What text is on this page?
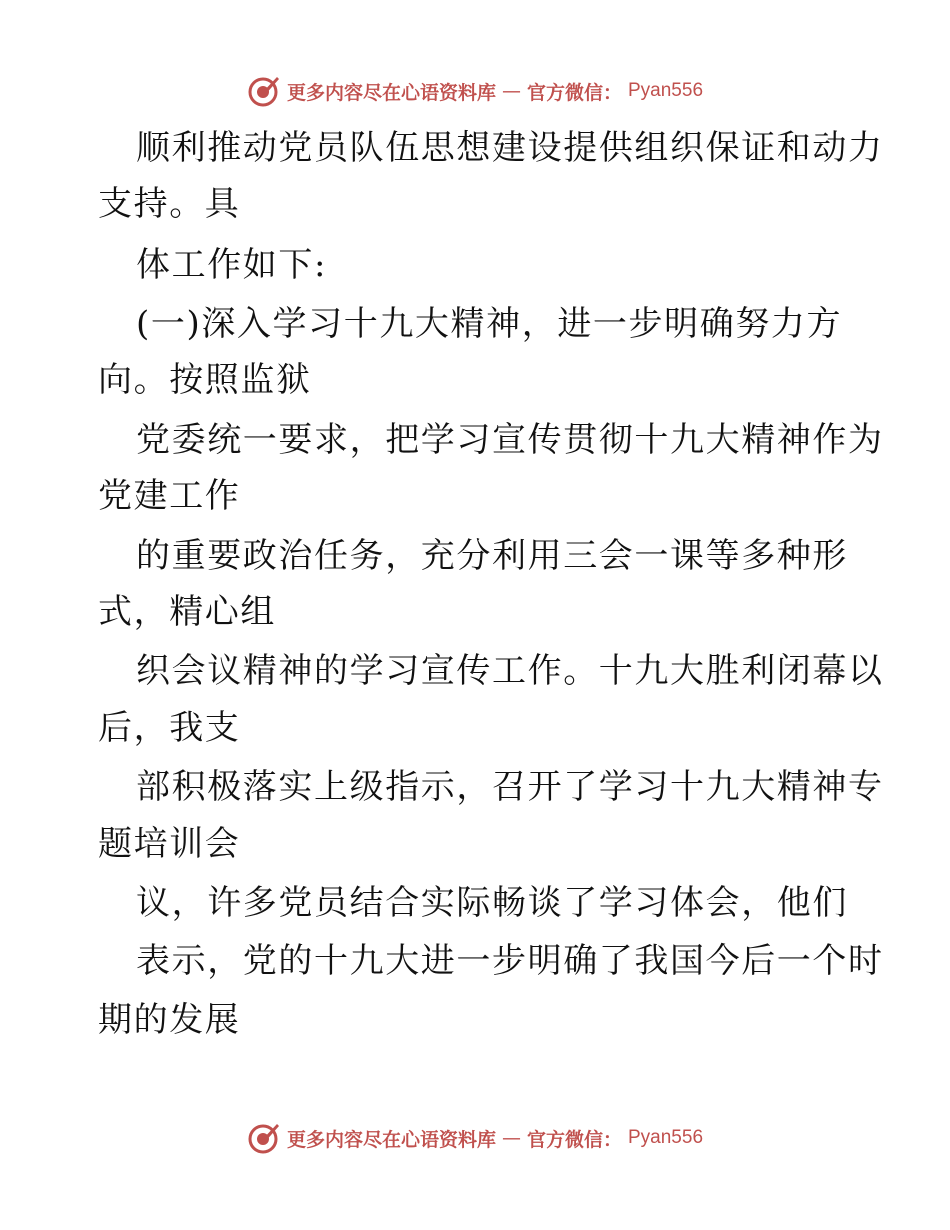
更多内容尽在心语资料库 — 官方微信： Pyan556
顺利推动党员队伍思想建设提供组织保证和动力
支持。具
体工作如下:
(一)深入学习十九大精神，进一步明确努力方
向。按照监狱
党委统一要求，把学习宣传贯彻十九大精神作为
党建工作
的重要政治任务，充分利用三会一课等多种形
式，精心组
织会议精神的学习宣传工作。十九大胜利闭幕以
后，我支
部积极落实上级指示，召开了学习十九大精神专
题培训会
议，许多党员结合实际畅谈了学习体会，他们
表示，党的十九大进一步明确了我国今后一个时
期的发展
更多内容尽在心语资料库 — 官方微信： Pyan556
